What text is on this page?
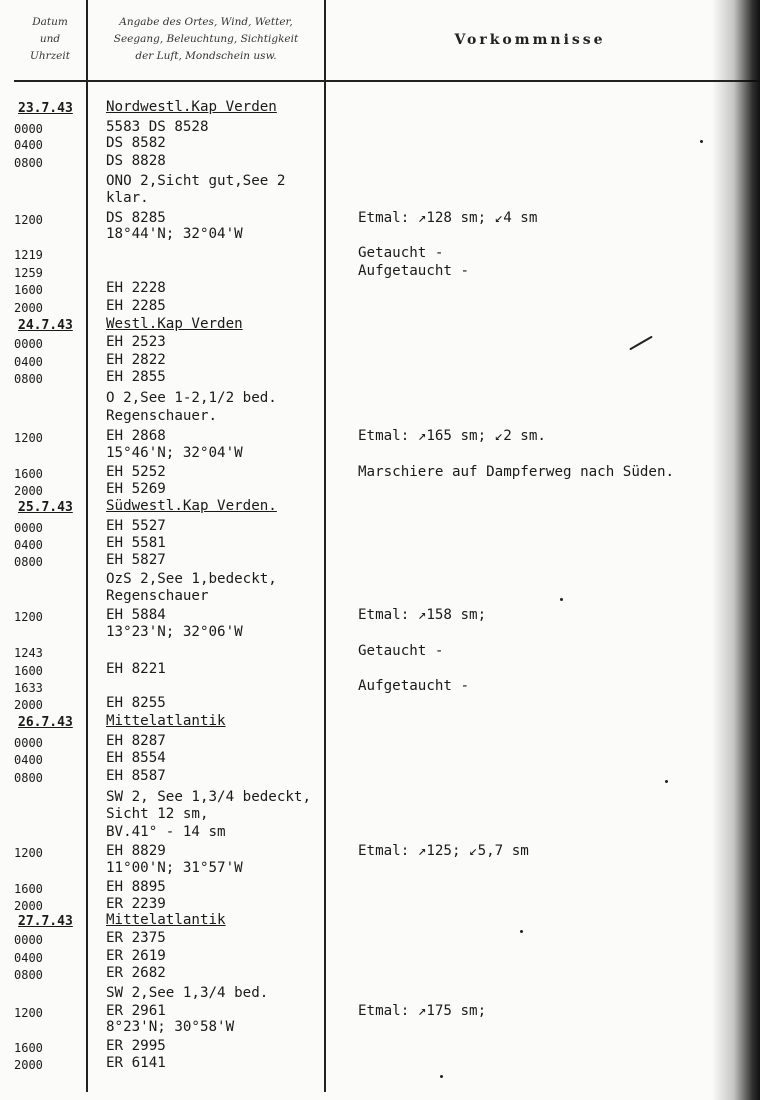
Datum
und
Uhrzeit
Angabe des Ortes, Wind, Wetter,
Seegang, Beleuchtung, Sichtigkeit
der Luft, Mondschein usw.
Vorkommnisse
23.7.43 Nordwestl.Kap Verden
0000	5583 DS 8528
0400	DS 8582
0800	DS 8828
ONO 2,Sicht gut,See 2
klar.
1200	DS 8285	Etmal: ↗128 sm; ↙4 sm
18°44'N; 32°04'W
1219	Getaucht -
1259	Aufgetaucht -
1600	EH 2228
2000	EH 2285
24.7.43 Westl.Kap Verden
0000	EH 2523
0400	EH 2822
0800	EH 2855
O 2,See 1-2,1/2 bed.
Regenschauer.
1200	EH 2868	Etmal: ↗165 sm; ↙2 sm.
15°46'N; 32°04'W
1600	EH 5252	Marschiere auf Dampferweg nach Süden.
2000	EH 5269
25.7.43 Südwestl.Kap Verden.
0000	EH 5527
0400	EH 5581
0800	EH 5827
OzS 2,See 1,bedeckt,
Regenschauer
1200	EH 5884	Etmal: ↗158 sm;
13°23'N; 32°06'W
1243	Getaucht -
1600	EH 8221
1633	Aufgetaucht -
2000	EH 8255
26.7.43 Mittelatlantik
0000	EH 8287
0400	EH 8554
0800	EH 8587
SW 2, See 1,3/4 bedeckt,
Sicht 12 sm,
BV.41° - 14 sm
1200	EH 8829	Etmal: ↗125; ↙5,7 sm
11°00'N; 31°57'W
1600	EH 8895
2000	ER 2239
27.7.43 Mittelatlantik
0000	ER 2375
0400	ER 2619
0800	ER 2682
SW 2,See 1,3/4 bed.
1200	ER 2961	Etmal: ↗175 sm;
8°23'N; 30°58'W
1600	ER 2995
2000	ER 6141
